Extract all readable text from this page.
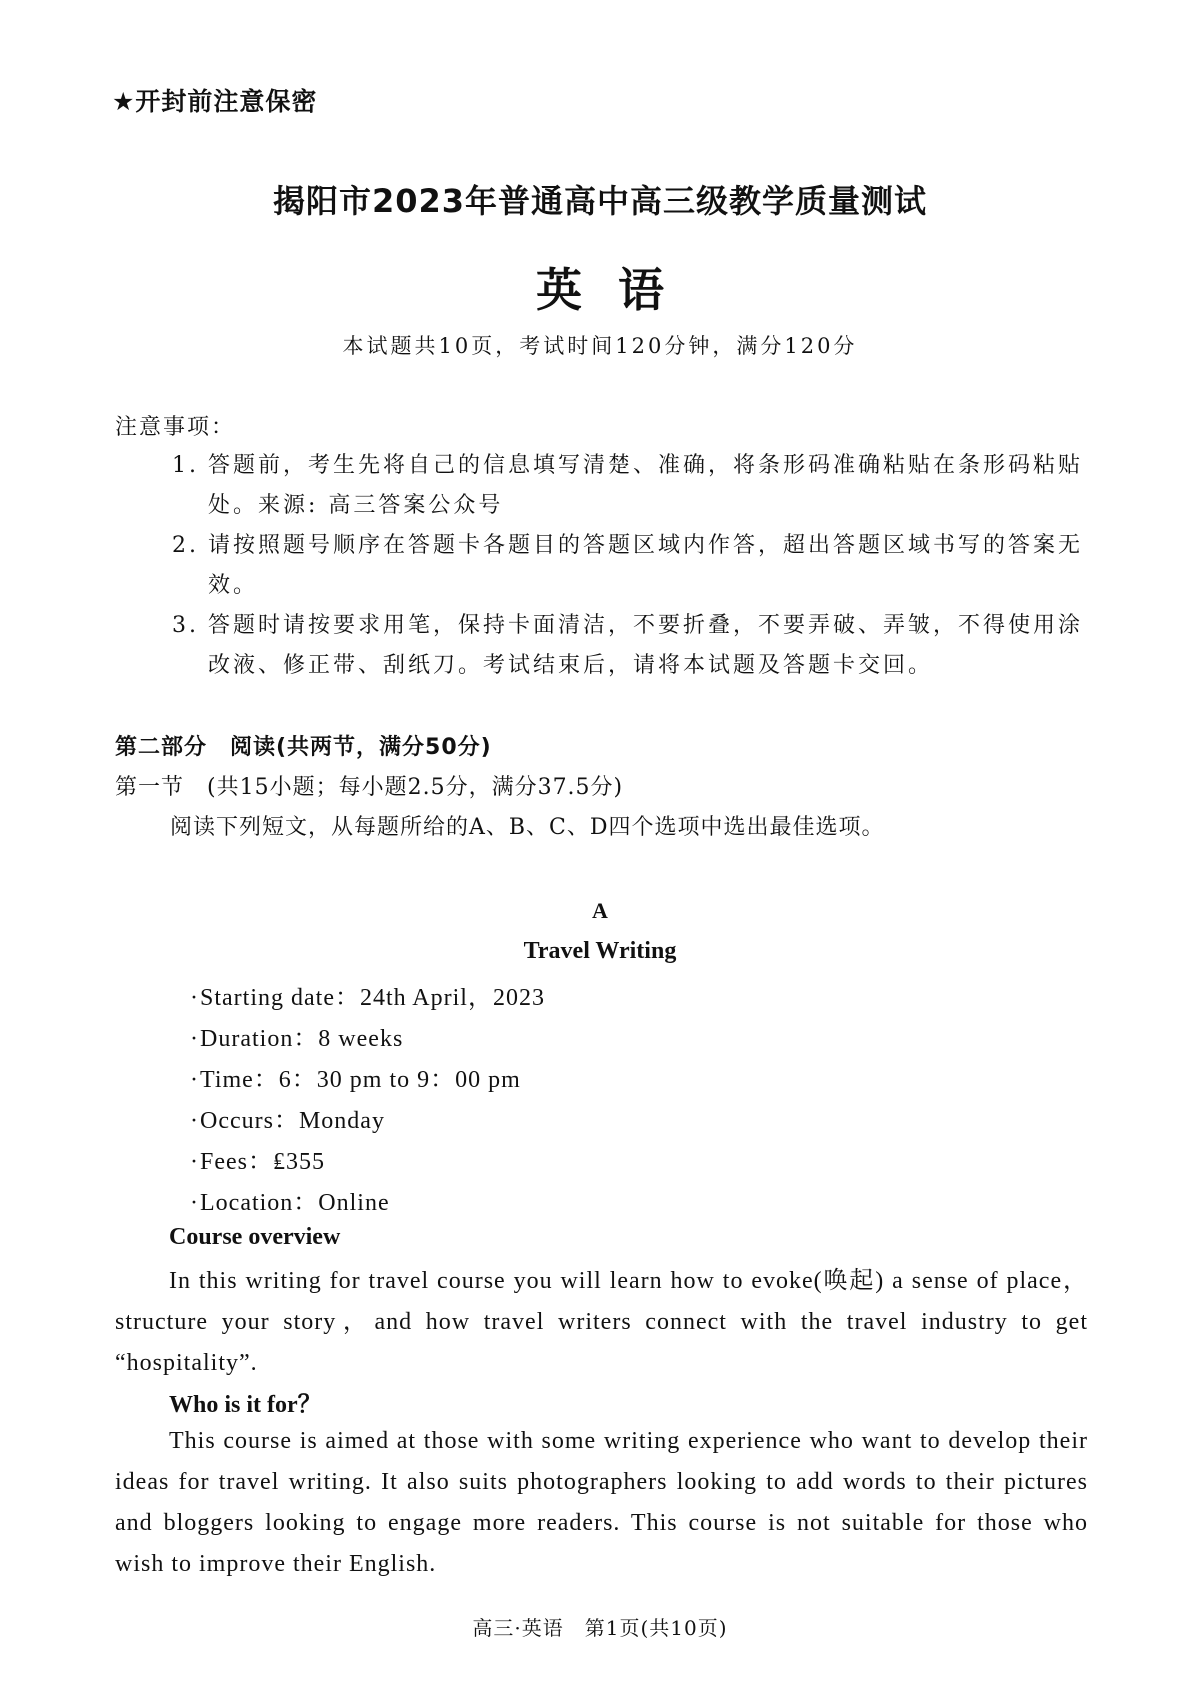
★开封前注意保密
揭阳市2023年普通高中高三级教学质量测试
英语
本试题共10页，考试时间120分钟，满分120分
注意事项：

1. 答题前，考生先将自己的信息填写清楚、准确，将条形码准确粘贴在条形码粘贴处。来源: 高三答案公众号

2. 请按照题号顺序在答题卡各题目的答题区域内作答，超出答题区域书写的答案无效。

3. 答题时请按要求用笔，保持卡面清洁，不要折叠，不要弄破、弄皱，不得使用涂改液、修正带、刮纸刀。考试结束后，请将本试题及答题卡交回。

第二部分　阅读(共两节，满分50分)
第一节　(共15小题；每小题2.5分，满分37.5分)
阅读下列短文，从每题所给的A、B、C、D四个选项中选出最佳选项。
A
Travel Writing
·Starting date：24th April，2023
·Duration：8 weeks
·Time：6：30 pm to 9：00 pm
·Occurs：Monday
·Fees：₤355
·Location：Online
Course overview

In this writing for travel course you will learn how to evoke(唤起) a sense of place，structure your story，and how travel writers connect with the travel industry to get “hospitality”.

Who is it for？

This course is aimed at those with some writing experience who want to develop their ideas for travel writing. It also suits photographers looking to add words to their pictures and bloggers looking to engage more readers. This course is not suitable for those who wish to improve their English.

高三·英语　第1页(共10页)
